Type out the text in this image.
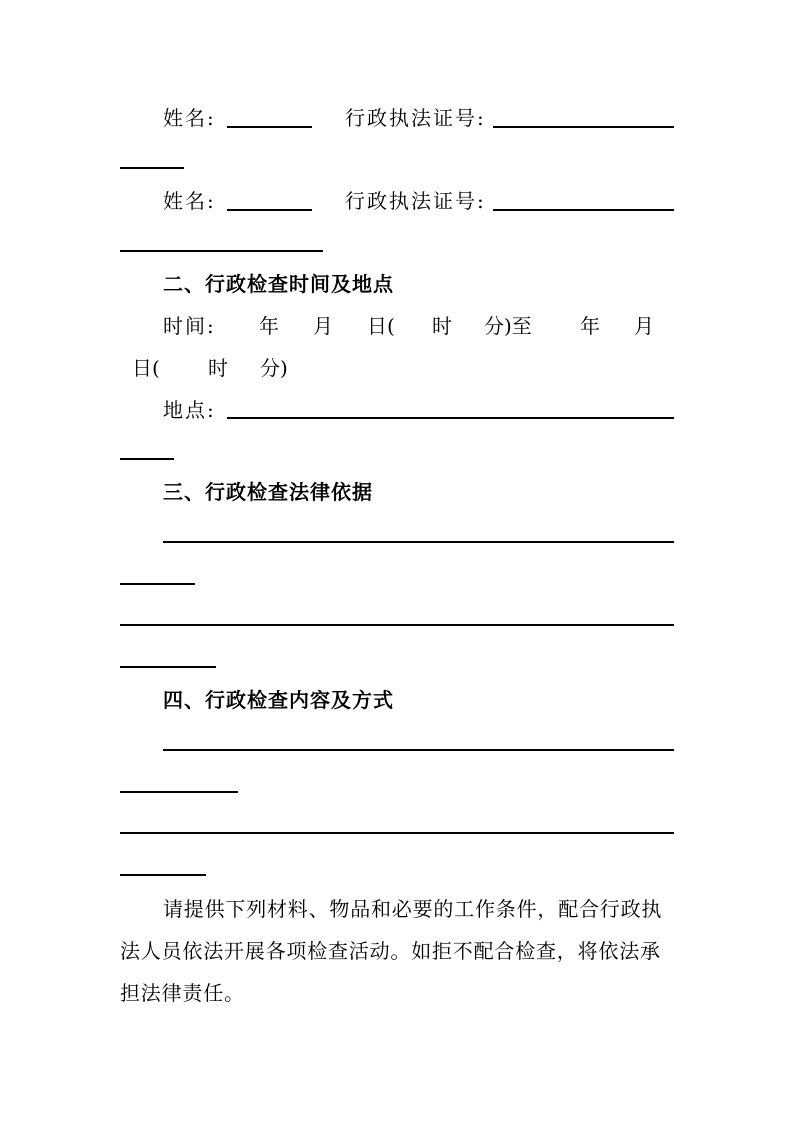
姓名:	行政执法证号:
姓名:	行政执法证号:
二、行政检查时间及地点
时间: 年 月 日( 时 分)至 年 月
日( 时 分)
地点:
三、行政检查法律依据
四、行政检查内容及方式
请提供下列材料、物品和必要的工作条件，配合行政执
法人员依法开展各项检查活动。如拒不配合检查，将依法承
担法律责任。
